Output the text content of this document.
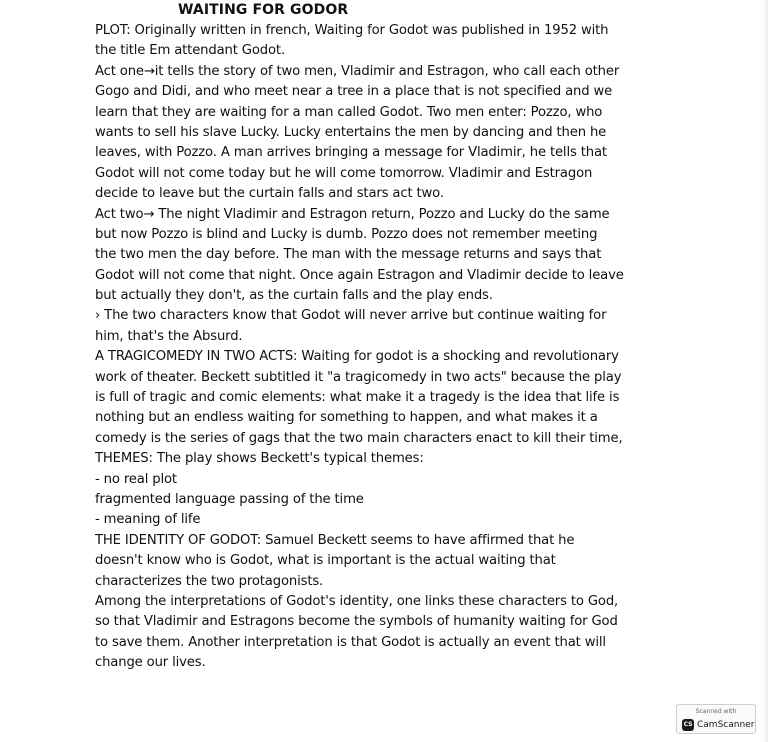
WAITING FOR GODOR
PLOT: Originally written in french, Waiting for Godot was published in 1952 with
the title Em attendant Godot.
Act one→it tells the story of two men, Vladimir and Estragon, who call each other
Gogo and Didi, and who meet near a tree in a place that is not specified and we
learn that they are waiting for a man called Godot. Two men enter: Pozzo, who
wants to sell his slave Lucky. Lucky entertains the men by dancing and then he
leaves, with Pozzo. A man arrives bringing a message for Vladimir, he tells that
Godot will not come today but he will come tomorrow. Vladimir and Estragon
decide to leave but the curtain falls and stars act two.
Act two→ The night Vladimir and Estragon return, Pozzo and Lucky do the same
but now Pozzo is blind and Lucky is dumb. Pozzo does not remember meeting
the two men the day before. The man with the message returns and says that
Godot will not come that night. Once again Estragon and Vladimir decide to leave
but actually they don't, as the curtain falls and the play ends.
› The two characters know that Godot will never arrive but continue waiting for
him, that's the Absurd.
A TRAGICOMEDY IN TWO ACTS: Waiting for godot is a shocking and revolutionary
work of theater. Beckett subtitled it "a tragicomedy in two acts" because the play
is full of tragic and comic elements: what make it a tragedy is the idea that life is
nothing but an endless waiting for something to happen, and what makes it a
comedy is the series of gags that the two main characters enact to kill their time,
THEMES: The play shows Beckett's typical themes:
- no real plot
fragmented language passing of the time
- meaning of life
THE IDENTITY OF GODOT: Samuel Beckett seems to have affirmed that he
doesn't know who is Godot, what is important is the actual waiting that
characterizes the two protagonists.
Among the interpretations of Godot's identity, one links these characters to God,
so that Vladimir and Estragons become the symbols of humanity waiting for God
to save them. Another interpretation is that Godot is actually an event that will
change our lives.
Scanned with
CS CamScanner
